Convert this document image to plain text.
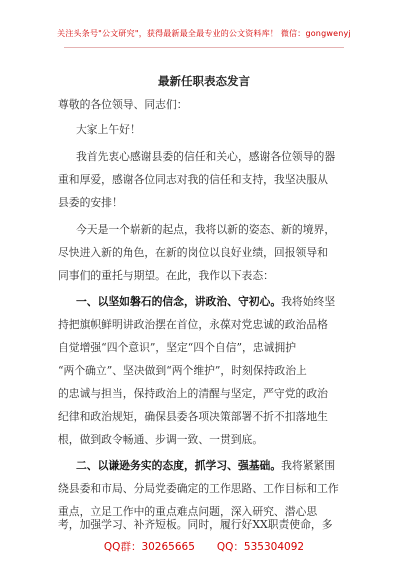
关注头条号"公文研究"，获得最新最全最专业的公文资料库！ 微信：gongwenyj
最新任职表态发言
尊敬的各位领导、同志们：
大家上午好！
我首先衷心感谢县委的信任和关心，感谢各位领导的器
重和厚爱，感谢各位同志对我的信任和支持，我坚决服从
县委的安排！
今天是一个崭新的起点，我将以新的姿态、新的境界，
尽快进入新的角色，在新的岗位以良好业绩，回报领导和
同事们的重托与期望。在此，我作以下表态：
一、以坚如磐石的信念，讲政治、守初心。我将始终坚
持把旗帜鲜明讲政治摆在首位，永葆对党忠诚的政治品格
自觉增强“四个意识”，坚定“四个自信”，忠诚拥护
“两个确立”、坚决做到“两个维护”，时刻保持政治上
的忠诚与担当，保持政治上的清醒与坚定，严守党的政治
纪律和政治规矩，确保县委各项决策部署不折不扣落地生
根，做到政令畅通、步调一致、一贯到底。
二、以谦逊务实的态度，抓学习、强基础。我将紧紧围
绕县委和市局、分局党委确定的工作思路、工作目标和工作
重点，立足工作中的重点难点问题，深入研究、潜心思
考，加强学习、补齐短板。同时，履行好XX职责使命，多
QQ群：30265665 QQ：535304092
